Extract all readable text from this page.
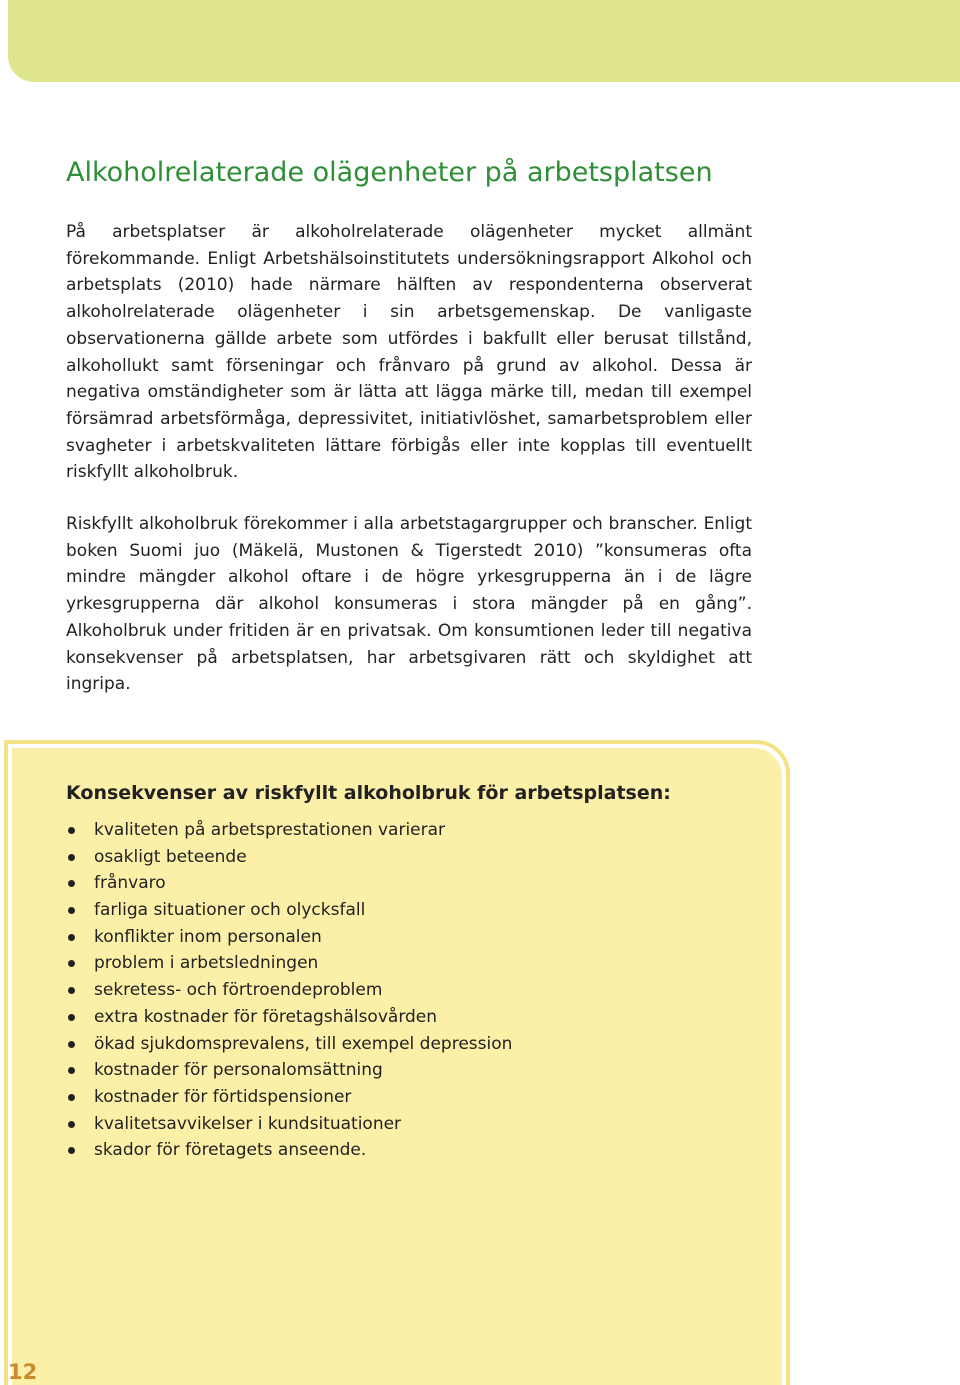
Alkoholrelaterade olägenheter på arbetsplatsen

På arbetsplatser är alkoholrelaterade olägenheter mycket allmänt förekommande. Enligt Arbetshälsoinstitutets undersökningsrapport Alkohol och arbetsplats (2010) hade närmare hälften av respondenterna observerat alkoholrelaterade olägenheter i sin arbetsgemenskap. De vanligaste observationerna gällde arbete som utfördes i bakfullt eller berusat tillstånd, alkohollukt samt förseningar och frånvaro på grund av alkohol. Dessa är negativa omständigheter som är lätta att lägga märke till, medan till exempel försämrad arbetsförmåga, depressivitet, initiativlöshet, samarbetsproblem eller svagheter i arbetskvaliteten lättare förbigås eller inte kopplas till eventuellt riskfyllt alkoholbruk.

Riskfyllt alkoholbruk förekommer i alla arbetstagargrupper och branscher. Enligt boken Suomi juo (Mäkelä, Mustonen & Tigerstedt 2010) ”konsumeras ofta mindre mängder alkohol oftare i de högre yrkesgrupperna än i de lägre yrkesgrupperna där alkohol konsumeras i stora mängder på en gång”. Alkoholbruk under fritiden är en privatsak. Om konsumtionen leder till negativa konsekvenser på arbetsplatsen, har arbetsgivaren rätt och skyldighet att ingripa.

Konsekvenser av riskfyllt alkoholbruk för arbetsplatsen:
kvaliteten på arbetsprestationen varierar
osakligt beteende
frånvaro
farliga situationer och olycksfall
konflikter inom personalen
problem i arbetsledningen
sekretess- och förtroendeproblem
extra kostnader för företagshälsovården
ökad sjukdomsprevalens, till exempel depression
kostnader för personalomsättning
kostnader för förtidspensioner
kvalitetsavvikelser i kundsituationer
skador för företagets anseende.
12
